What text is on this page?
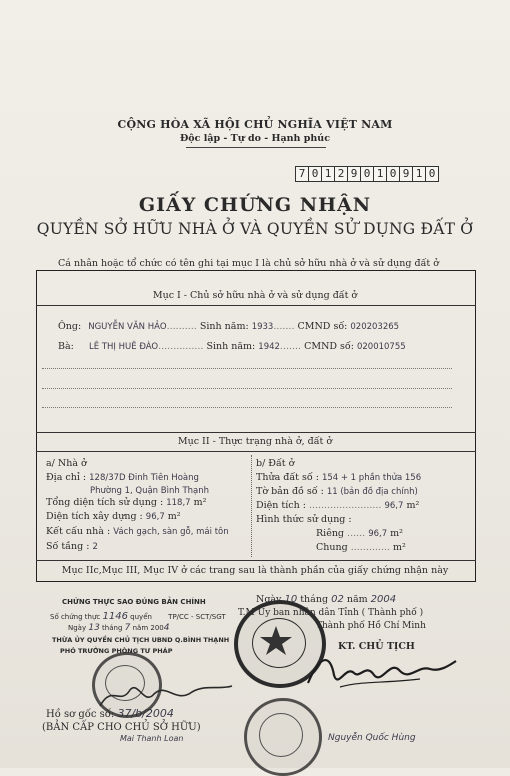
CỘNG HÒA XÃ HỘI CHỦ NGHĨA VIỆT NAM
Độc lập - Tự do - Hạnh phúc
7 0 1 2 9 0 1 0 9 1 0
GIẤY CHỨNG NHẬN
QUYỀN SỞ HỮU NHÀ Ở VÀ QUYỀN SỬ DỤNG ĐẤT Ở
Cá nhân hoặc tổ chức có tên ghi tại mục I là chủ sở hữu nhà ở và sử dụng đất ở
Mục I - Chủ sở hữu nhà ở và sử dụng đất ở
Ông: NGUYỄN VĂN HẢO.......... Sinh năm: 1933....... CMND số: 020203265
Bà: LÊ THỊ HUÊ ĐÀO............... Sinh năm: 1942....... CMND số: 020010755
Mục II - Thực trạng nhà ở, đất ở
a/ Nhà ở
Địa chỉ : 128/37D Đinh Tiên Hoàng
Phường 1, Quận Bình Thạnh
Tổng diện tích sử dụng : 118,7 m²
Diện tích xây dựng : 96,7 m²
Kết cấu nhà : Vách gạch, sàn gỗ, mái tôn
Số tầng : 2
b/ Đất ở
Thửa đất số : 154 + 1 phần thửa 156
Tờ bản đồ số : 11 (bản đồ địa chính)
Diện tích : ........................ 96,7 m²
Hình thức sử dụng :
Riêng ...... 96,7 m²
Chung ............. m²
Mục IIc,Mục III, Mục IV ở các trang sau là thành phần của giấy chứng nhận này
CHỨNG THỰC SAO ĐÚNG BẢN CHÍNH
Số chứng thực 1146 quyển TP/CC - SCT/SGT
Ngày 13 tháng 7 năm 2004
THỪA ỦY QUYỀN CHỦ TỊCH UBND Q.BÌNH THẠNH
PHÓ TRƯỞNG PHÒNG TƯ PHÁP
Hồ sơ gốc số: 37/b/2004
(BẢN CẤP CHO CHỦ SỞ HỮU)
Mai Thanh Loan
Ngày 10 tháng 02 năm 2004
T.M Ủy ban nhân dân Tỉnh ( Thành phố )
Thành phố Hồ Chí Minh
KT. CHỦ TỊCH
Nguyễn Quốc Hùng
